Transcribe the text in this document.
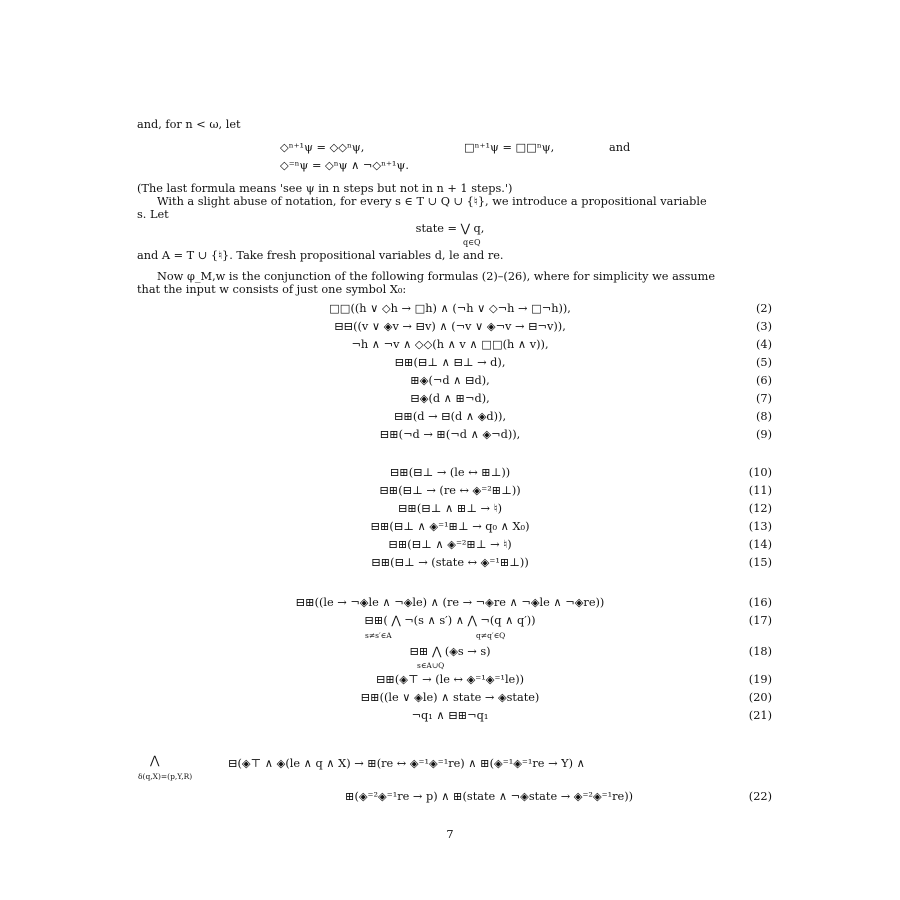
and, for n < ω, let
◇ⁿ⁺¹ψ = ◇◇ⁿψ,	□ⁿ⁺¹ψ = □□ⁿψ,	and
◇⁼ⁿψ = ◇ⁿψ ∧ ¬◇ⁿ⁺¹ψ.
(The last formula means 'see ψ in n steps but not in n + 1 steps.')
With a slight abuse of notation, for every s ∈ T ∪ Q ∪ {♮}, we introduce a propositional variable
s. Let
state = ⋁ q,
q∈Q
and A = T ∪ {♮}. Take fresh propositional variables d, le and re.
Now φ_M,w is the conjunction of the following formulas (2)–(26), where for simplicity we assume
that the input w consists of just one symbol X₀:
□□((h ∨ ◇h → □h) ∧ (¬h ∨ ◇¬h → □¬h)),	(2)
⊟⊟((v ∨ ◈v → ⊟v) ∧ (¬v ∨ ◈¬v → ⊟¬v)),	(3)
¬h ∧ ¬v ∧ ◇◇(h ∧ v ∧ □□(h ∧ v)),	(4)
⊟⊞(⊟⊥ ∧ ⊟⊥ → d),	(5)
⊞◈(¬d ∧ ⊟d),	(6)
⊟◈(d ∧ ⊞¬d),	(7)
⊟⊞(d → ⊟(d ∧ ◈d)),	(8)
⊟⊞(¬d → ⊞(¬d ∧ ◈¬d)),	(9)
⊟⊞(⊟⊥ → (le ↔ ⊞⊥))	(10)
⊟⊞(⊟⊥ → (re ↔ ◈⁼²⊞⊥))	(11)
⊟⊞(⊟⊥ ∧ ⊞⊥ → ♮)	(12)
⊟⊞(⊟⊥ ∧ ◈⁼¹⊞⊥ → q₀ ∧ X₀)	(13)
⊟⊞(⊟⊥ ∧ ◈⁼²⊞⊥ → ♮)	(14)
⊟⊞(⊟⊥ → (state ↔ ◈⁼¹⊞⊥))	(15)
⊟⊞((le → ¬◈le ∧ ¬◈le) ∧ (re → ¬◈re ∧ ¬◈le ∧ ¬◈re))	(16)
⊟⊞( ⋀ ¬(s ∧ s′) ∧ ⋀ ¬(q ∧ q′))	(17)
⊟⊞ ⋀ (◈s → s)	(18)
⊟⊞(◈⊤ → (le ↔ ◈⁼¹◈⁼¹le))	(19)
⊟⊞((le ∨ ◈le) ∧ state → ◈state)	(20)
¬q₁ ∧ ⊟⊞¬q₁	(21)
s≠s′∈A	q≠q′∈Q
s∈A∪Q
⋀
δ(q,X)=(p,Y,R)
⊟(◈⊤ ∧ ◈(le ∧ q ∧ X) → ⊞(re ↔ ◈⁼¹◈⁼¹re) ∧ ⊞(◈⁼¹◈⁼¹re → Y) ∧
⊞(◈⁼²◈⁼¹re → p) ∧ ⊞(state ∧ ¬◈state → ◈⁼²◈⁼¹re))	(22)
7
